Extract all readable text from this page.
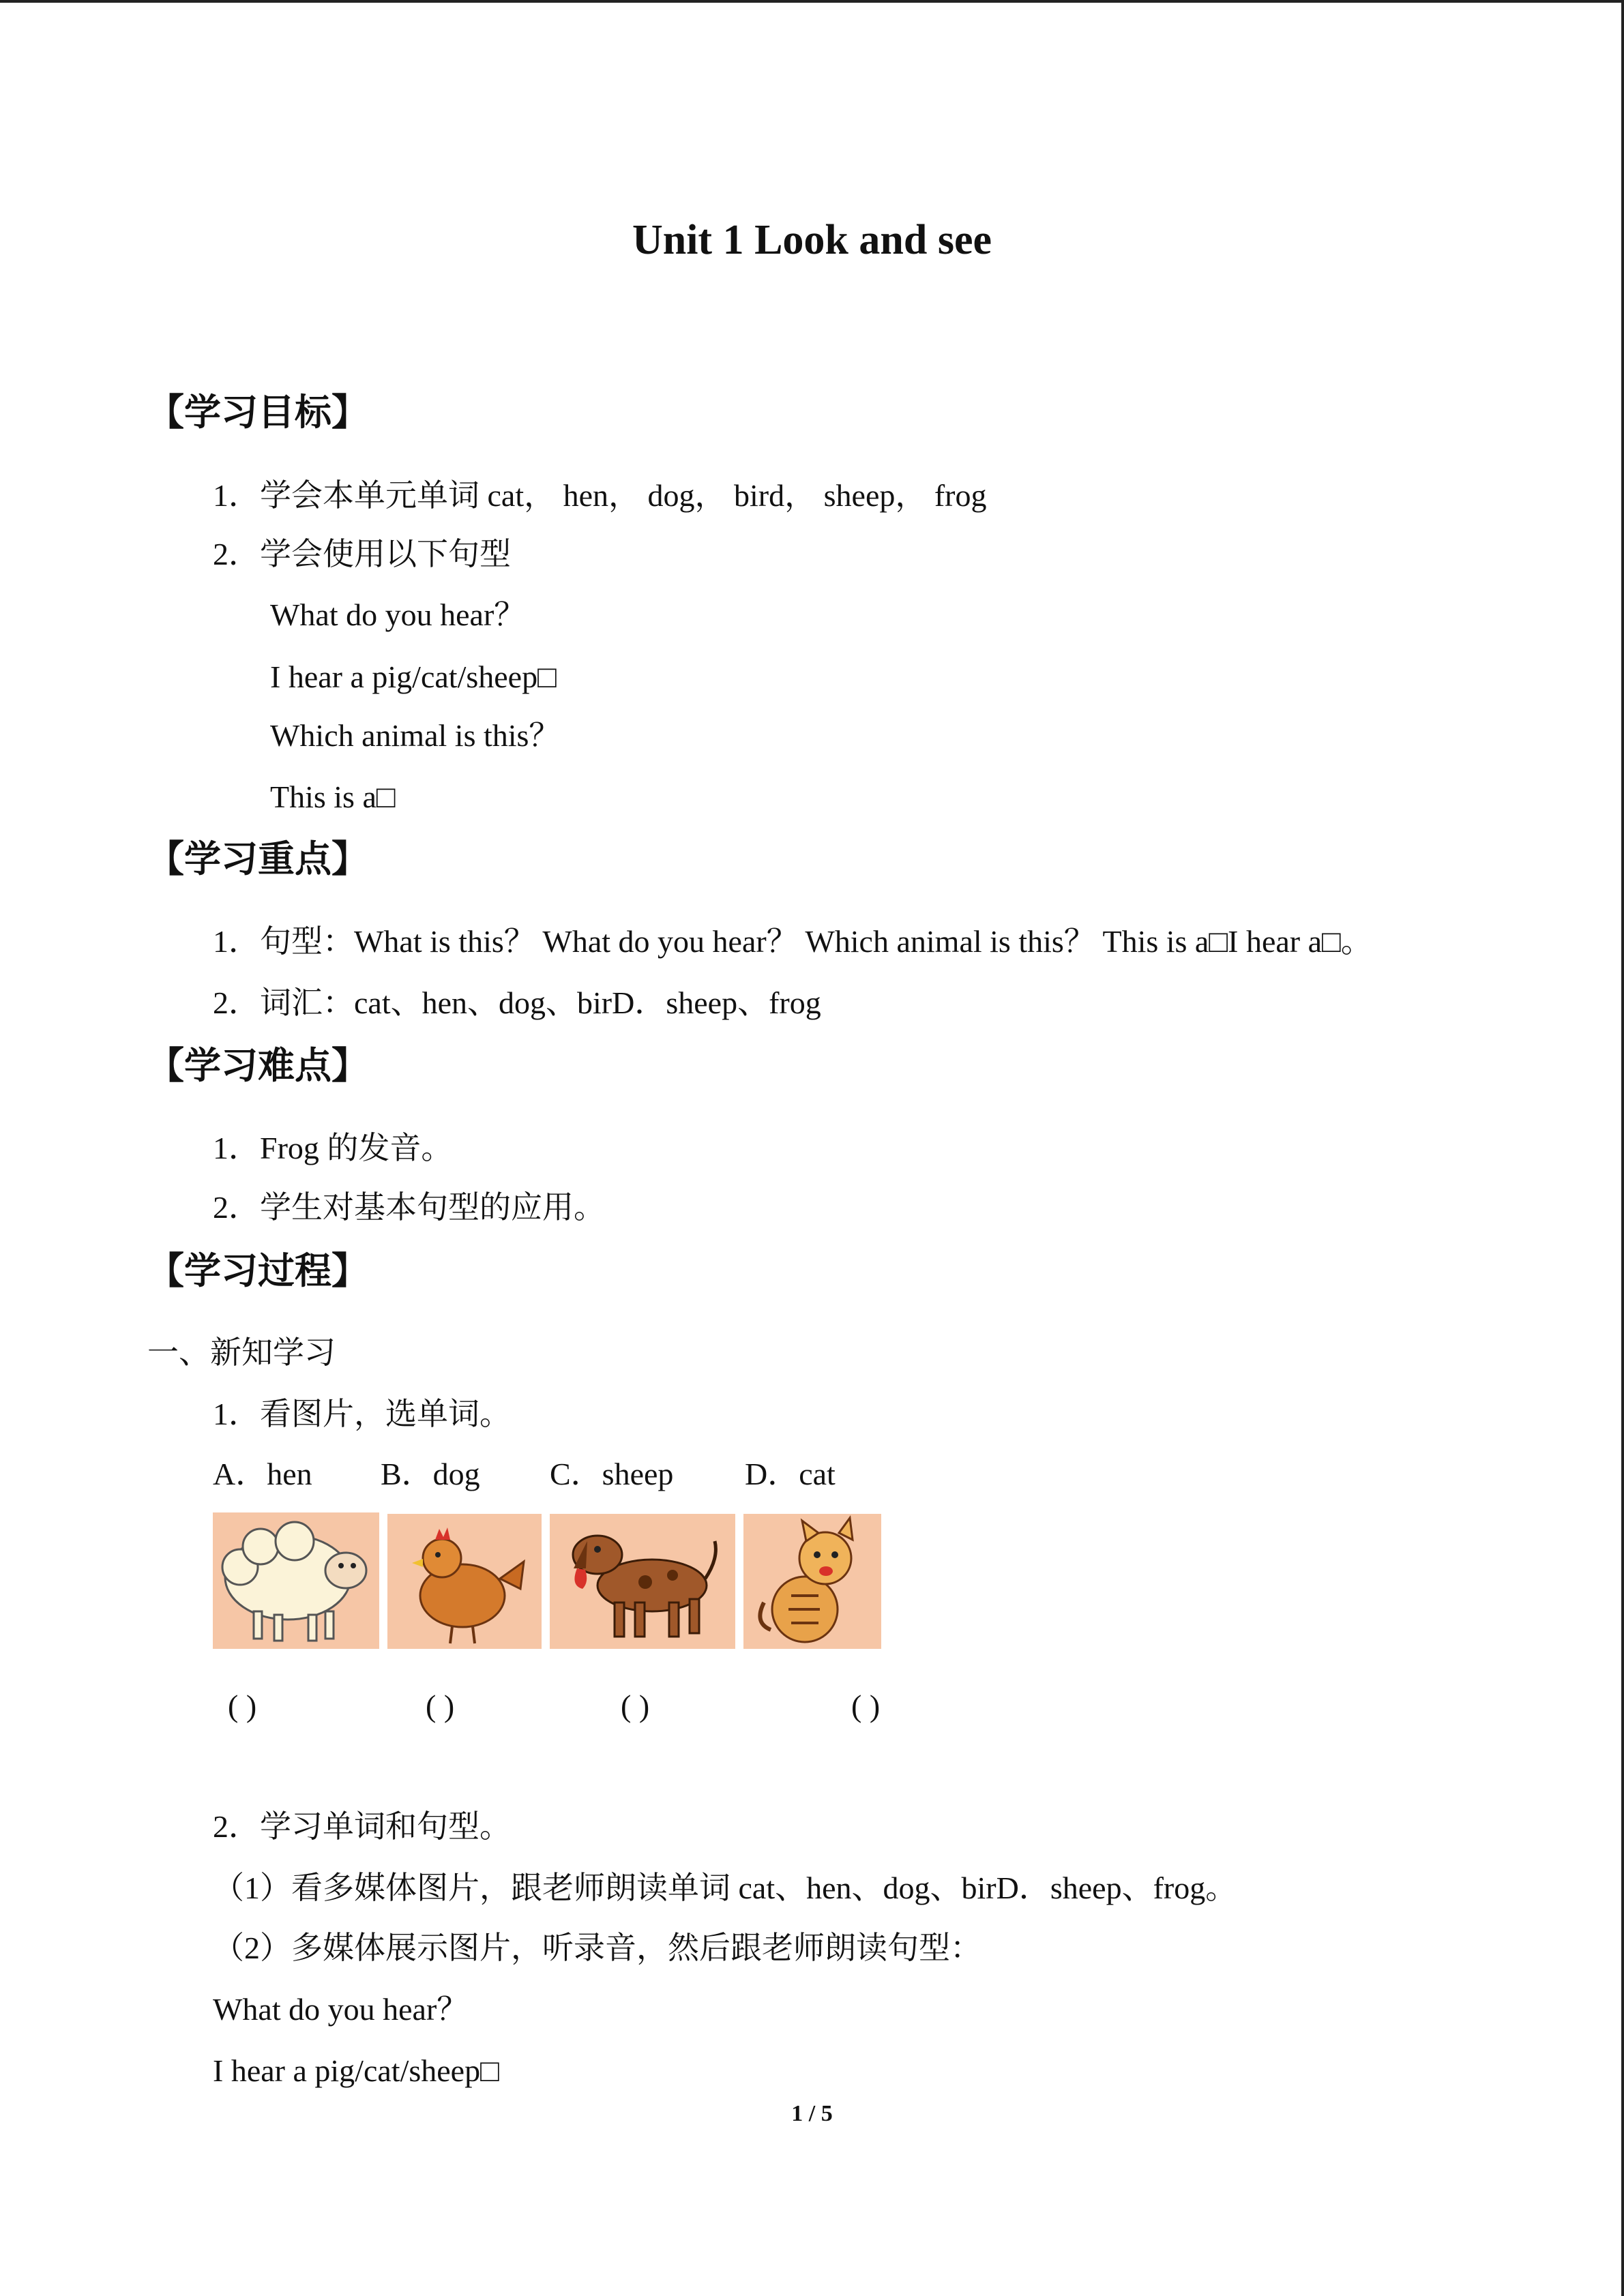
Unit 1 Look and see
【学习目标】
1．学会本单元单词 cat， hen， dog， bird， sheep， frog
2．学会使用以下句型
What do you hear？
I hear a pig/cat/sheep□
Which animal is this？
This is a□
【学习重点】
1．句型：What is this？ What do you hear？ Which animal is this？ This is a□I hear a□。
2．词汇：cat、hen、dog、birD．sheep、frog
【学习难点】
1．Frog 的发音。
2．学生对基本句型的应用。
【学习过程】
一、新知学习
1．看图片，选单词。
A．hen B．dog C．sheep D．cat
( )	( )	( )	( )
2．学习单词和句型。
（1）看多媒体图片，跟老师朗读单词 cat、hen、dog、birD．sheep、frog。
（2）多媒体展示图片，听录音，然后跟老师朗读句型：
What do you hear？
I hear a pig/cat/sheep□
1 / 5
